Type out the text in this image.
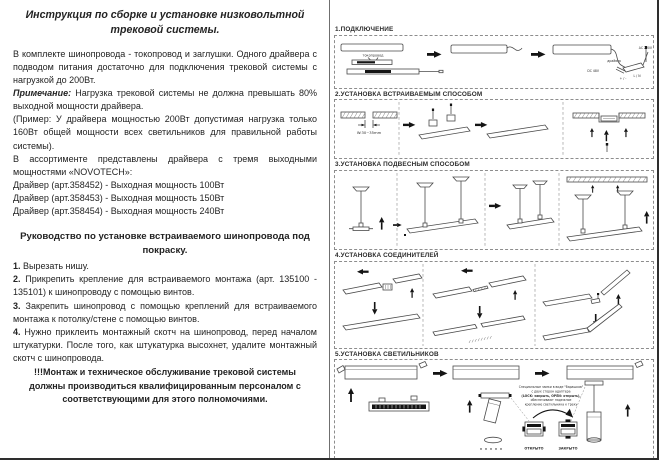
Инструкция по сборке и установке низковольтной трековой системы.

В комплекте шинопровода - токопровод и заглушки. Одного драйвера с подводом питания достаточно для подключения трековой системы с нагрузкой до 200Вт.

Примечание: Нагрузка трековой системы не должна превышать 80% выходной мощности драйвера.

(Пример: У драйвера мощностью 200Вт допустимая нагрузка только 160Вт общей мощности всех светильников для правильной работы системы).

В ассортименте представлены драйвера с тремя выходными мощностями «NOVOTECH»:

Драйвер (арт.358452) - Выходная мощность 100Вт
Драйвер (арт.358453) - Выходная мощность 150Вт
Драйвер (арт.358454) - Выходная мощность 240Вт
Руководство по установке встраиваемого шинопровода под покраску.

1. Вырезать нишу.

2. Прикрепить крепление для встраиваемого монтажа (арт. 135100 - 135101) к шинопроводу с помощью винтов.

3. Закрепить шинопровод с помощью креплений для встраиваемого монтажа к потолку/стене с помощью винтов.

4. Нужно приклеить монтажный скотч на шинопровод, перед началом штукатурки. После того, как штукатурка высохнет, удалите монтажный скотч с шинопровода.

!!!Монтаж и техническое обслуживание трековой системы должны производиться квалифицированным персоналом с соответствующими для этого полномочиями.

1.ПОДКЛЮЧЕНИЕ
токопровод
драйвер
AC 220V
L / N
DC 48V
+ / -
2.УСТАНОВКА ВСТРАИВАЕМЫМ СПОСОБОМ
W:30~35mm
3.УСТАНОВКА ПОДВЕСНЫМ СПОСОБОМ
4.УСТАНОВКА СОЕДИНИТЕЛЕЙ
5.УСТАНОВКА СВЕТИЛЬНИКОВ
Специальные замки в виде "барашков"
с двух сторон адаптера
(LOCK: закрыть, OPEN: открыть),
обеспечивают надежное
крепление светильника к треку
ОТКРЫТО	ЗАКРЫТО
